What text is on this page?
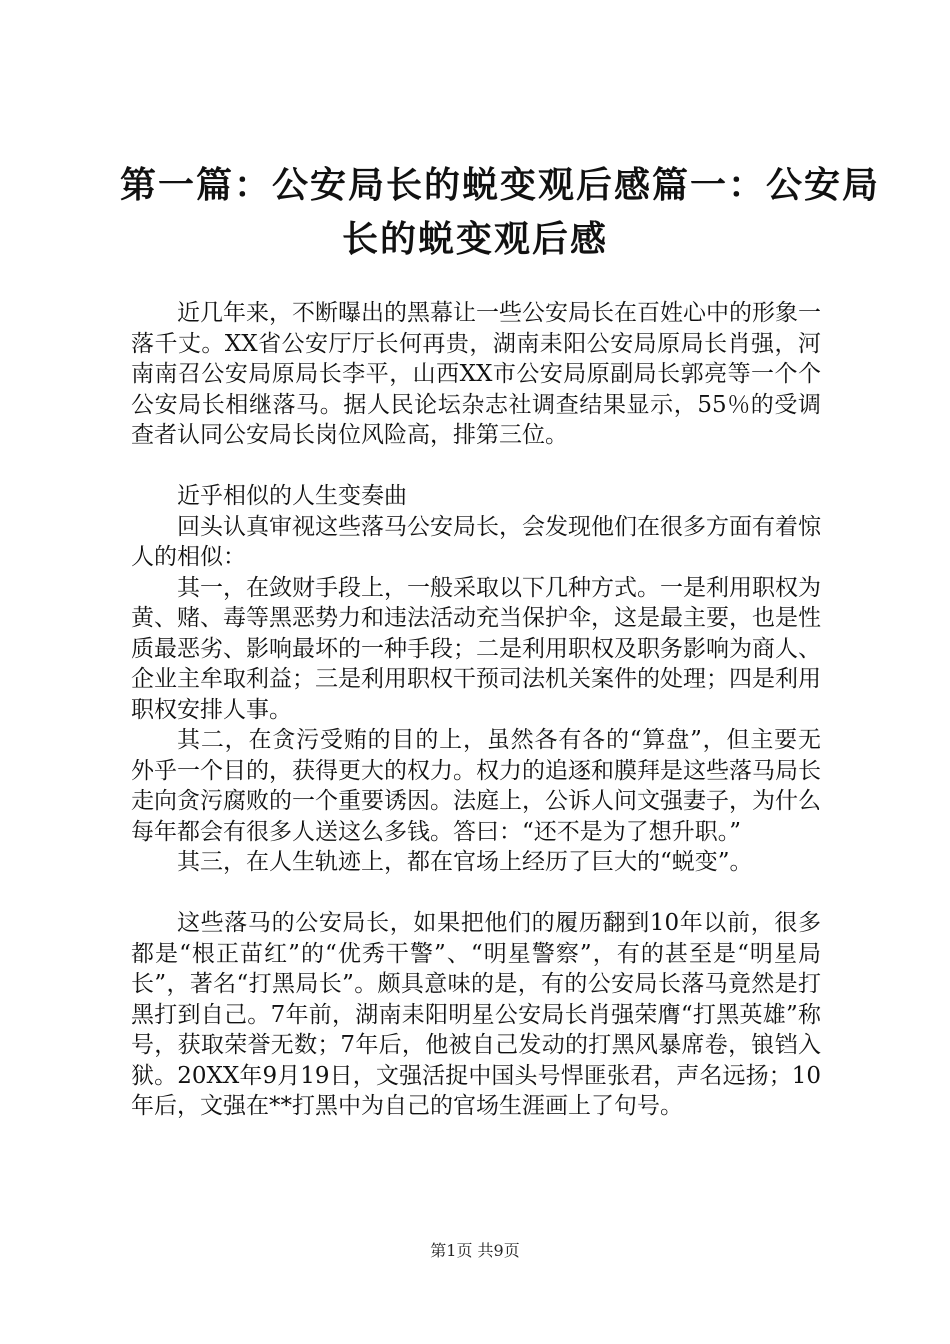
第一篇：公安局长的蜕变观后感篇一：公安局
长的蜕变观后感

近几年来，不断曝出的黑幕让一些公安局长在百姓心中的形象一落千丈。XX省公安厅厅长何再贵，湖南耒阳公安局原局长肖强，河南南召公安局原局长李平，山西XX市公安局原副局长郭亮等一个个公安局长相继落马。据人民论坛杂志社调查结果显示，55％的受调查者认同公安局长岗位风险高，排第三位。

近乎相似的人生变奏曲

回头认真审视这些落马公安局长，会发现他们在很多方面有着惊人的相似：

其一，在敛财手段上，一般采取以下几种方式。一是利用职权为黄、赌、毒等黑恶势力和违法活动充当保护伞，这是最主要，也是性质最恶劣、影响最坏的一种手段；二是利用职权及职务影响为商人、企业主牟取利益；三是利用职权干预司法机关案件的处理；四是利用职权安排人事。

其二，在贪污受贿的目的上，虽然各有各的“算盘”，但主要无外乎一个目的，获得更大的权力。权力的追逐和膜拜是这些落马局长走向贪污腐败的一个重要诱因。法庭上，公诉人问文强妻子，为什么每年都会有很多人送这么多钱。答曰：“还不是为了想升职。”

其三，在人生轨迹上，都在官场上经历了巨大的“蜕变”。

这些落马的公安局长，如果把他们的履历翻到10年以前，很多都是“根正苗红”的“优秀干警”、“明星警察”，有的甚至是“明星局长”，著名“打黑局长”。颇具意味的是，有的公安局长落马竟然是打黑打到自己。7年前，湖南耒阳明星公安局长肖强荣膺“打黑英雄”称号，获取荣誉无数；7年后，他被自己发动的打黑风暴席卷，锒铛入狱。20XX年9月19日，文强活捉中国头号悍匪张君，声名远扬；10年后，文强在**打黑中为自己的官场生涯画上了句号。

第1页 共9页
